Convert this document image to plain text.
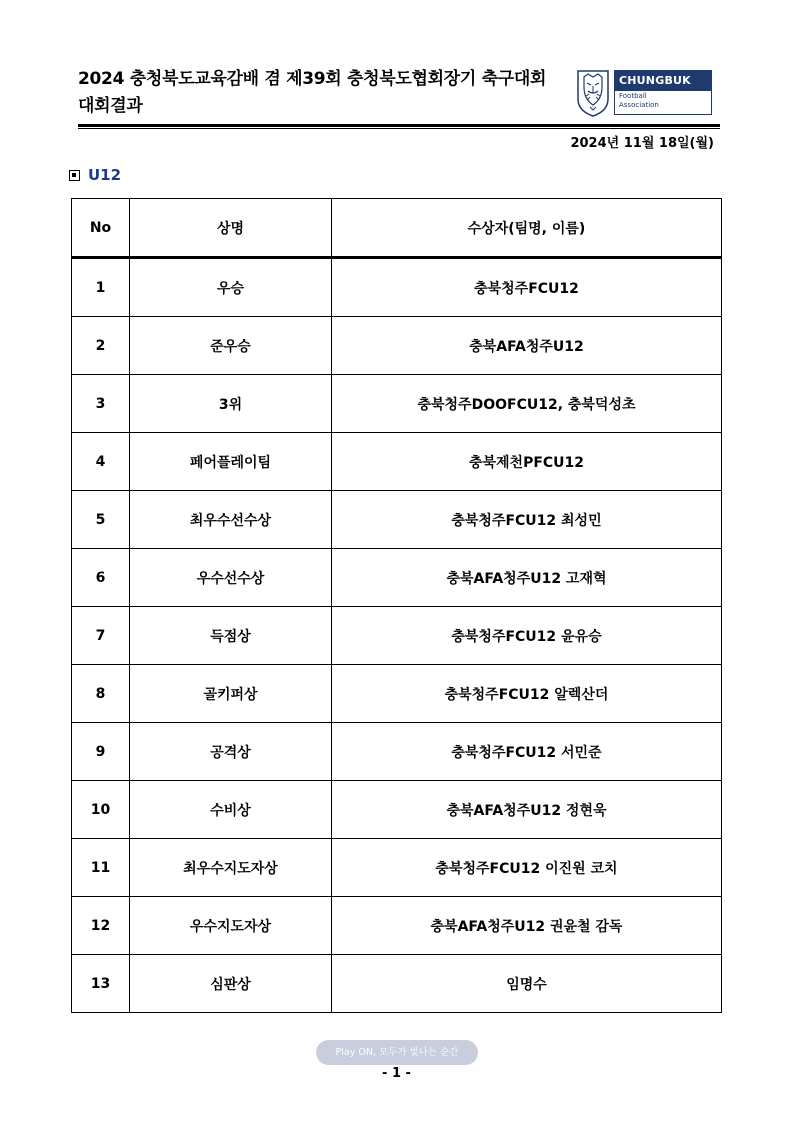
2024 충청북도교육감배 겸 제39회 충청북도협회장기 축구대회
대회결과
CHUNGBUK
Football
Association
2024년 11월 18일(월)
U12
No	상명	수상자(팀명, 이름)
1	우승	충북청주FCU12
2	준우승	충북AFA청주U12
3	3위	충북청주DOOFCU12, 충북덕성초
4	페어플레이팀	충북제천PFCU12
5	최우수선수상	충북청주FCU12 최성민
6	우수선수상	충북AFA청주U12 고재혁
7	득점상	충북청주FCU12 윤유승
8	골키퍼상	충북청주FCU12 알렉산더
9	공격상	충북청주FCU12 서민준
10	수비상	충북AFA청주U12 정현욱
11	최우수지도자상	충북청주FCU12 이진원 코치
12	우수지도자상	충북AFA청주U12 권윤철 감독
13	심판상	임명수
Play ON, 모두가 빛나는 순간
- 1 -
